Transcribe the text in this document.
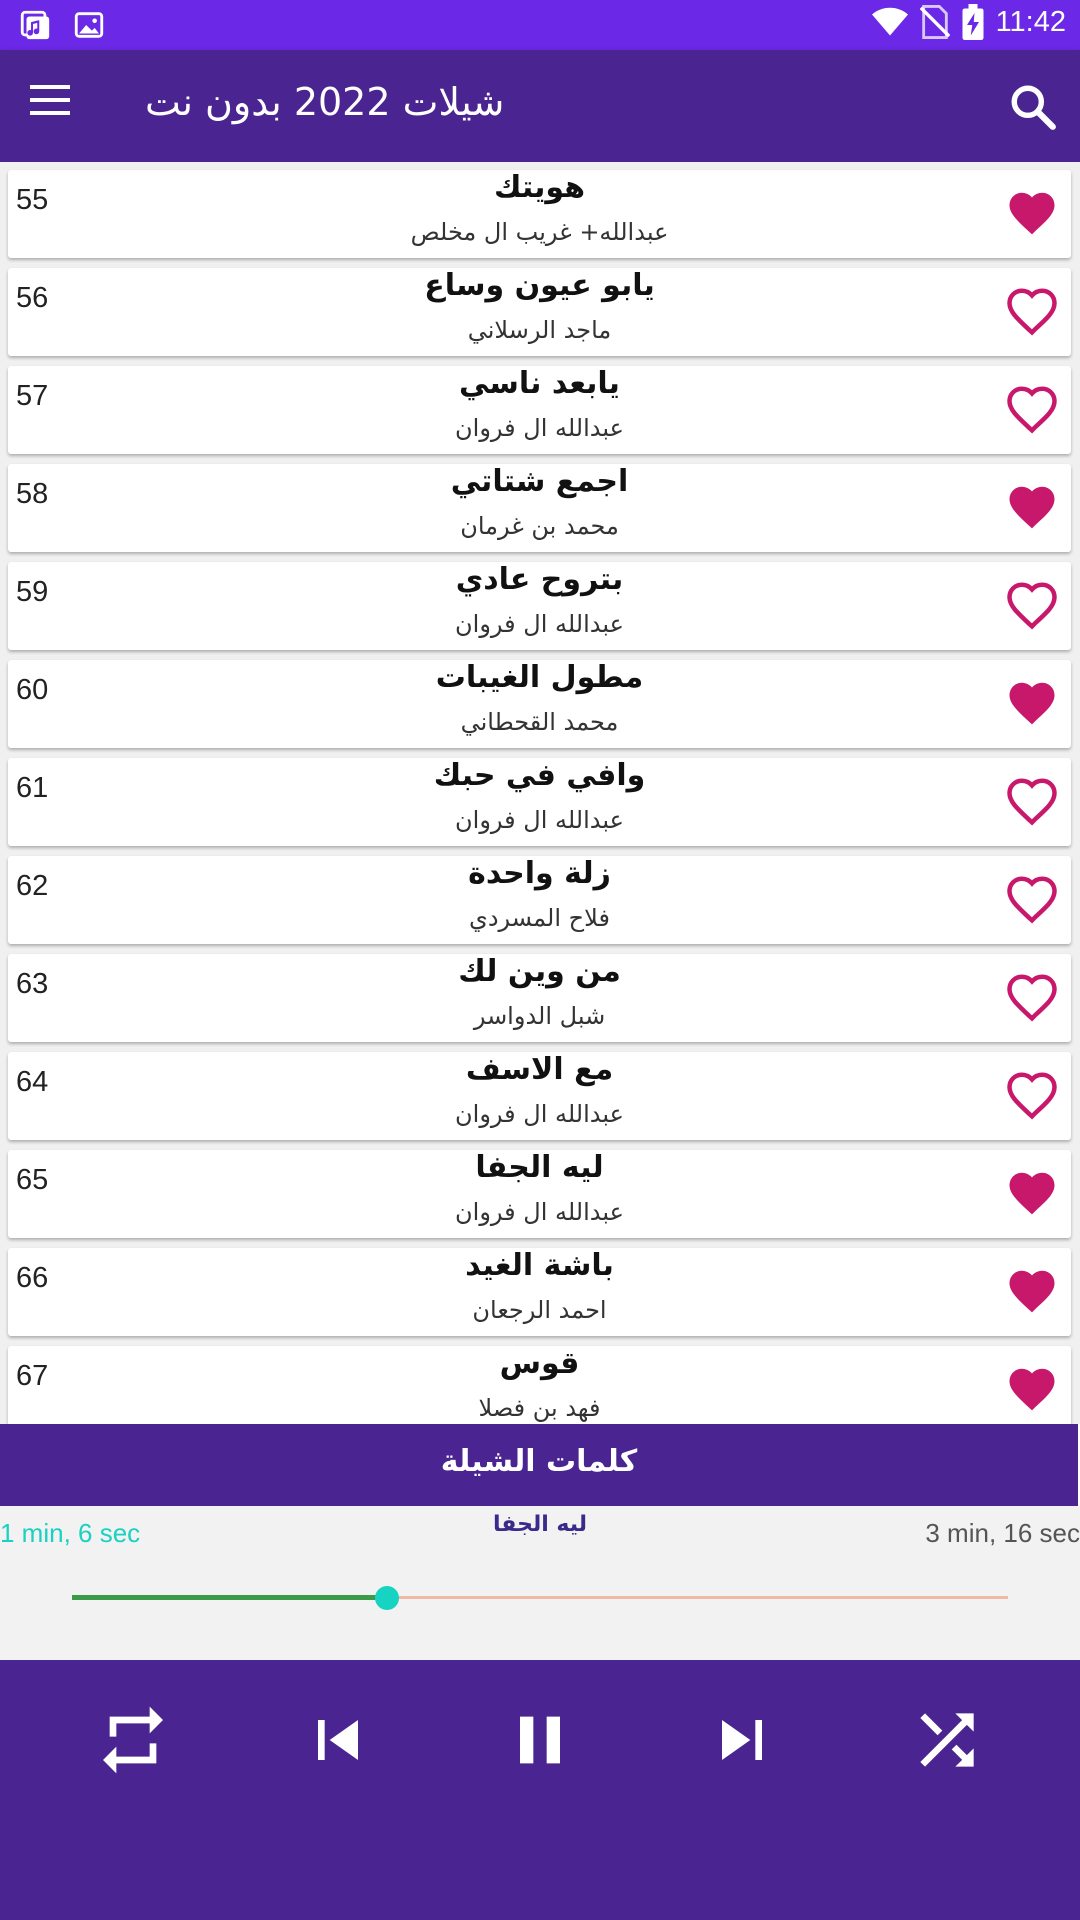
11:42
شيلات 2022 بدون نت
55	هويتك
عبدالله+ غريب ال مخلص
56	يابو عيون وساع
ماجد الرسلاني
57	يابعد ناسي
عبدالله ال فروان
58	اجمع شتاتي
محمد بن غرمان
59	بتروح عادي
عبدالله ال فروان
60	مطول الغيبات
محمد القحطاني
61	وافي في حبك
عبدالله ال فروان
62	زلة واحدة
فلاح المسردي
63	من وين لك
شبل الدواسر
64	مع الاسف
عبدالله ال فروان
65	ليه الجفا
عبدالله ال فروان
66	باشة الغيد
احمد الرجعان
67	قوس
فهد بن فصلا
كلمات الشيلة
1 min, 6 sec	ليه الجفا	3 min, 16 sec
